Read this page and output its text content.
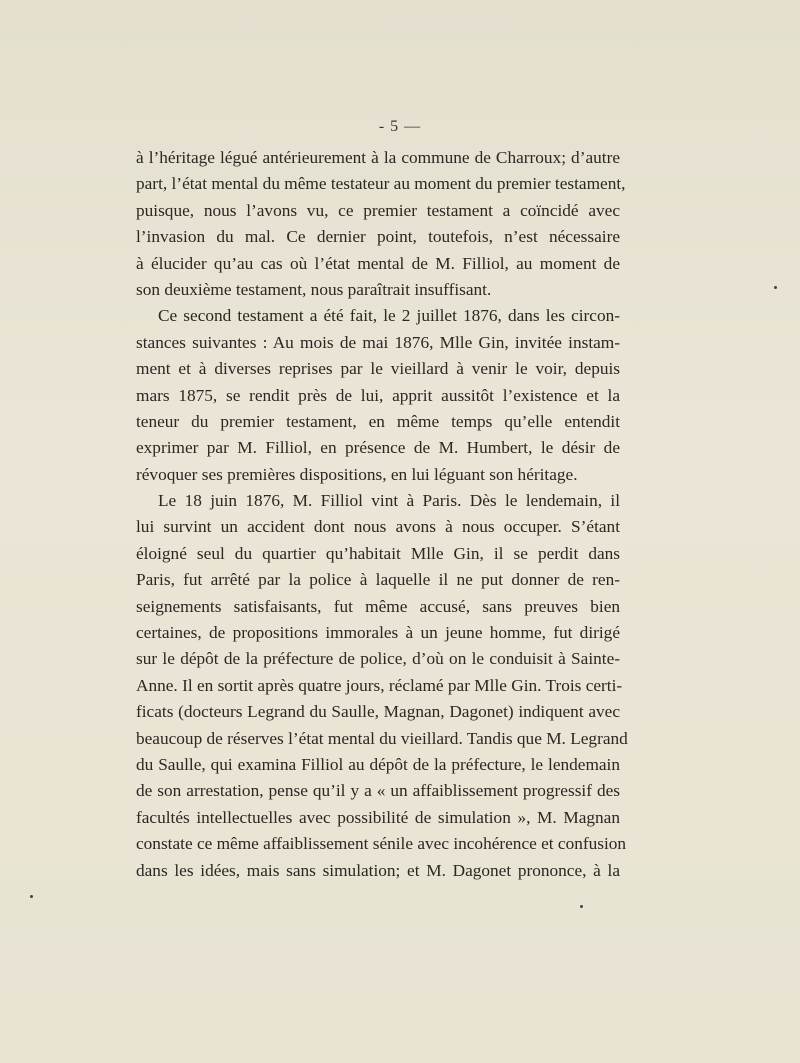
- 5 —
à l’héritage légué antérieurement à la commune de Charroux; d’autre
part, l’état mental du même testateur au moment du premier testament,
puisque, nous l’avons vu, ce premier testament a coïncidé avec
l’invasion du mal. Ce dernier point, toutefois, n’est nécessaire
à élucider qu’au cas où l’état mental de M. Filliol, au moment de
son deuxième testament, nous paraîtrait insuffisant.
Ce second testament a été fait, le 2 juillet 1876, dans les circon-
stances suivantes : Au mois de mai 1876, Mlle Gin, invitée instam-
ment et à diverses reprises par le vieillard à venir le voir, depuis
mars 1875, se rendit près de lui, apprit aussitôt l’existence et la
teneur du premier testament, en même temps qu’elle entendit
exprimer par M. Filliol, en présence de M. Humbert, le désir de
révoquer ses premières dispositions, en lui léguant son héritage.
Le 18 juin 1876, M. Filliol vint à Paris. Dès le lendemain, il
lui survint un accident dont nous avons à nous occuper. S’étant
éloigné seul du quartier qu’habitait Mlle Gin, il se perdit dans
Paris, fut arrêté par la police à laquelle il ne put donner de ren-
seignements satisfaisants, fut même accusé, sans preuves bien
certaines, de propositions immorales à un jeune homme, fut dirigé
sur le dépôt de la préfecture de police, d’où on le conduisit à Sainte-
Anne. Il en sortit après quatre jours, réclamé par Mlle Gin. Trois certi-
ficats (docteurs Legrand du Saulle, Magnan, Dagonet) indiquent avec
beaucoup de réserves l’état mental du vieillard. Tandis que M. Legrand
du Saulle, qui examina Filliol au dépôt de la préfecture, le lendemain
de son arrestation, pense qu’il y a « un affaiblissement progressif des
facultés intellectuelles avec possibilité de simulation », M. Magnan
constate ce même affaiblissement sénile avec incohérence et confusion
dans les idées, mais sans simulation; et M. Dagonet prononce, à la
